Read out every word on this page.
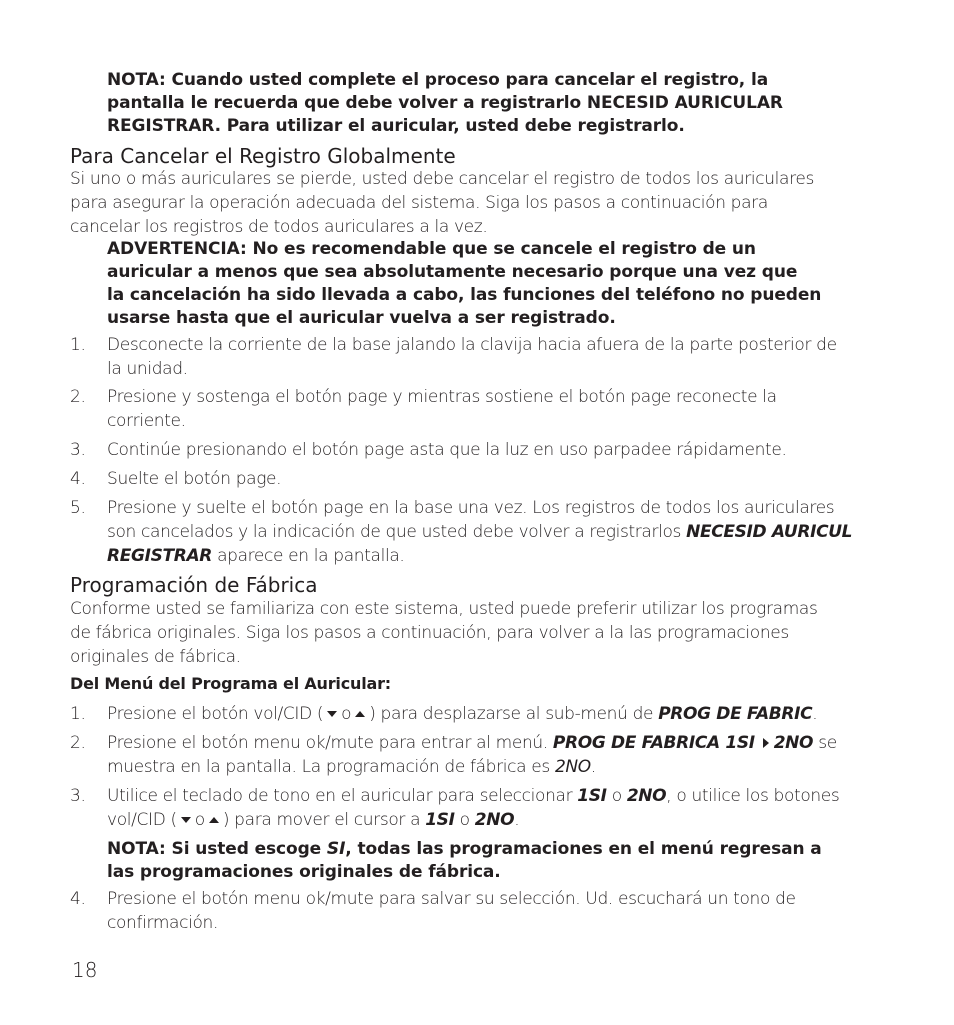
NOTA: Cuando usted complete el proceso para cancelar el registro, la
pantalla le recuerda que debe volver a registrarlo NECESID AURICULAR
REGISTRAR. Para utilizar el auricular, usted debe registrarlo.
Para Cancelar el Registro Globalmente
Si uno o más auriculares se pierde, usted debe cancelar el registro de todos los auriculares
para asegurar la operación adecuada del sistema. Siga los pasos a continuación para
cancelar los registros de todos auriculares a la vez.
ADVERTENCIA: No es recomendable que se cancele el registro de un
auricular a menos que sea absolutamente necesario porque una vez que
la cancelación ha sido llevada a cabo, las funciones del teléfono no pueden
usarse hasta que el auricular vuelva a ser registrado.
1. Desconecte la corriente de la base jalando la clavija hacia afuera de la parte posterior de
la unidad.
2. Presione y sostenga el botón page y mientras sostiene el botón page reconecte la
corriente.
3. Continúe presionando el botón page asta que la luz en uso parpadee rápidamente.
4. Suelte el botón page.
5. Presione y suelte el botón page en la base una vez. Los registros de todos los auriculares
son cancelados y la indicación de que usted debe volver a registrarlos NECESID AURICUL
REGISTRAR aparece en la pantalla.
Programación de Fábrica
Conforme usted se familiariza con este sistema, usted puede preferir utilizar los programas
de fábrica originales. Siga los pasos a continuación, para volver a la las programaciones
originales de fábrica.
Del Menú del Programa el Auricular:
1. Presione el botón vol/CID ( o ) para desplazarse al sub-menú de PROG DE FABRIC.
2. Presione el botón menu ok/mute para entrar al menú. PROG DE FABRICA 1SI 2NO se
muestra en la pantalla. La programación de fábrica es 2NO.
3. Utilice el teclado de tono en el auricular para seleccionar 1SI o 2NO, o utilice los botones
vol/CID ( o ) para mover el cursor a 1SI o 2NO.
NOTA: Si usted escoge SI, todas las programaciones en el menú regresan a
las programaciones originales de fábrica.
4. Presione el botón menu ok/mute para salvar su selección. Ud. escuchará un tono de
confirmación.
18
